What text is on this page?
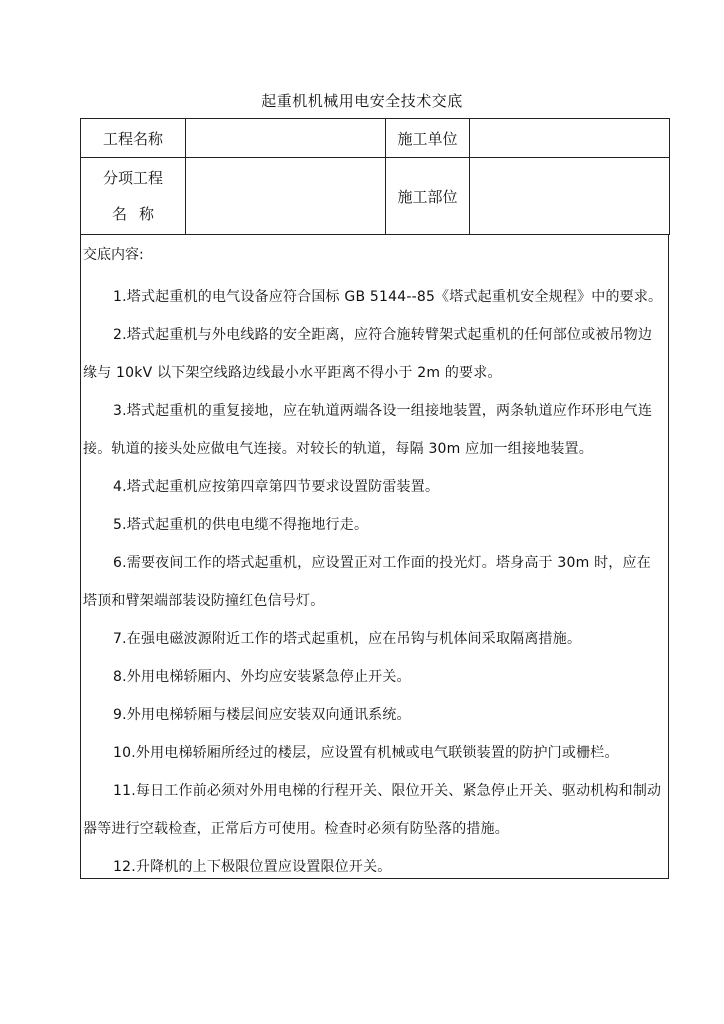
起重机机械用电安全技术交底
工程名称		施工单位	

分项工程
名称		施工部位	
交底内容:
1.塔式起重机的电气设备应符合国标 GB 5144--85《塔式起重机安全规程》中的要求。
2.塔式起重机与外电线路的安全距离，应符合施转臂架式起重机的任何部位或被吊物边缘与 10kV 以下架空线路边线最小水平距离不得小于 2m 的要求。
3.塔式起重机的重复接地，应在轨道两端各设一组接地装置，两条轨道应作环形电气连接。轨道的接头处应做电气连接。对较长的轨道，每隔 30m 应加一组接地装置。
4.塔式起重机应按第四章第四节要求设置防雷装置。
5.塔式起重机的供电电缆不得拖地行走。
6.需要夜间工作的塔式起重机，应设置正对工作面的投光灯。塔身高于 30m 时，应在塔顶和臂架端部装设防撞红色信号灯。
7.在强电磁波源附近工作的塔式起重机，应在吊钩与机体间采取隔离措施。
8.外用电梯轿厢内、外均应安装紧急停止开关。
9.外用电梯轿厢与楼层间应安装双向通讯系统。
10.外用电梯轿厢所经过的楼层，应设置有机械或电气联锁装置的防护门或栅栏。
11.每日工作前必须对外用电梯的行程开关、限位开关、紧急停止开关、驱动机构和制动器等进行空载检查，正常后方可使用。检查时必须有防坠落的措施。
12.升降机的上下极限位置应设置限位开关。
